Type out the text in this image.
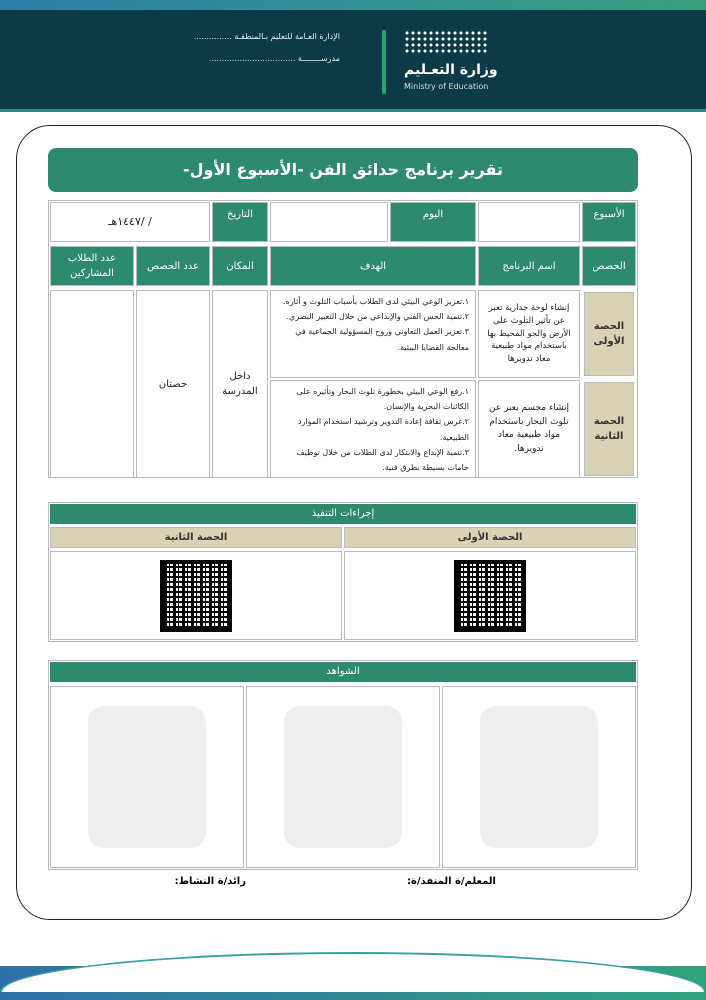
الإدارة العـامة للتعليم بـالمنطقـة ...............
مدرســــــــة ..................................
وزارة التعـليم
Ministry of Education
تقرير برنامج حدائق الفن -الأسبوع الأول-
الأسبوع
اليوم
التاريخ
/ /١٤٤٧هـ
الحصص
اسم البرنامج
الهدف
المكان
عدد الحصص
عدد الطلاب المشاركين
الحصة الأولى
إنشاء لوحة جدارية تعبر عن تأثير التلوث على الأرض والجو المحيط بها باستخدام مواد طبيعية معاد تدويرها
١.تعزيز الوعي البيئي لدى الطلاب بأسباب التلوث و أثاره.
٢.تنمية الحس الفني والإبداعي من خلال التعبير البصري.
٣.تعزيز العمل التعاوني وروح المسؤولية الجماعية في معالجة القضايا البيئية.
الحصة الثانية
إنشاء مجسم يعبر عن تلوث البحار باستخدام مواد طبيعية معاد تدويرها.
١.رفع الوعي البيئي بخطورة تلوث البحار وتأثيره على الكائنات البحرية والإنسان.
٢.غرس ثقافة إعادة التدوير وترشيد استخدام الموارد الطبيعية.
٣.تنمية الإبداع والابتكار لدى الطلاب من خلال توظيف خامات بسيطة بطرق فنية.
داخل المدرسة
حصتان
إجراءات التنفيذ
الحصة الأولى
الحصة الثانية
الشواهد
المعلم/ة المنفذ/ة:
رائد/ة النشاط:
